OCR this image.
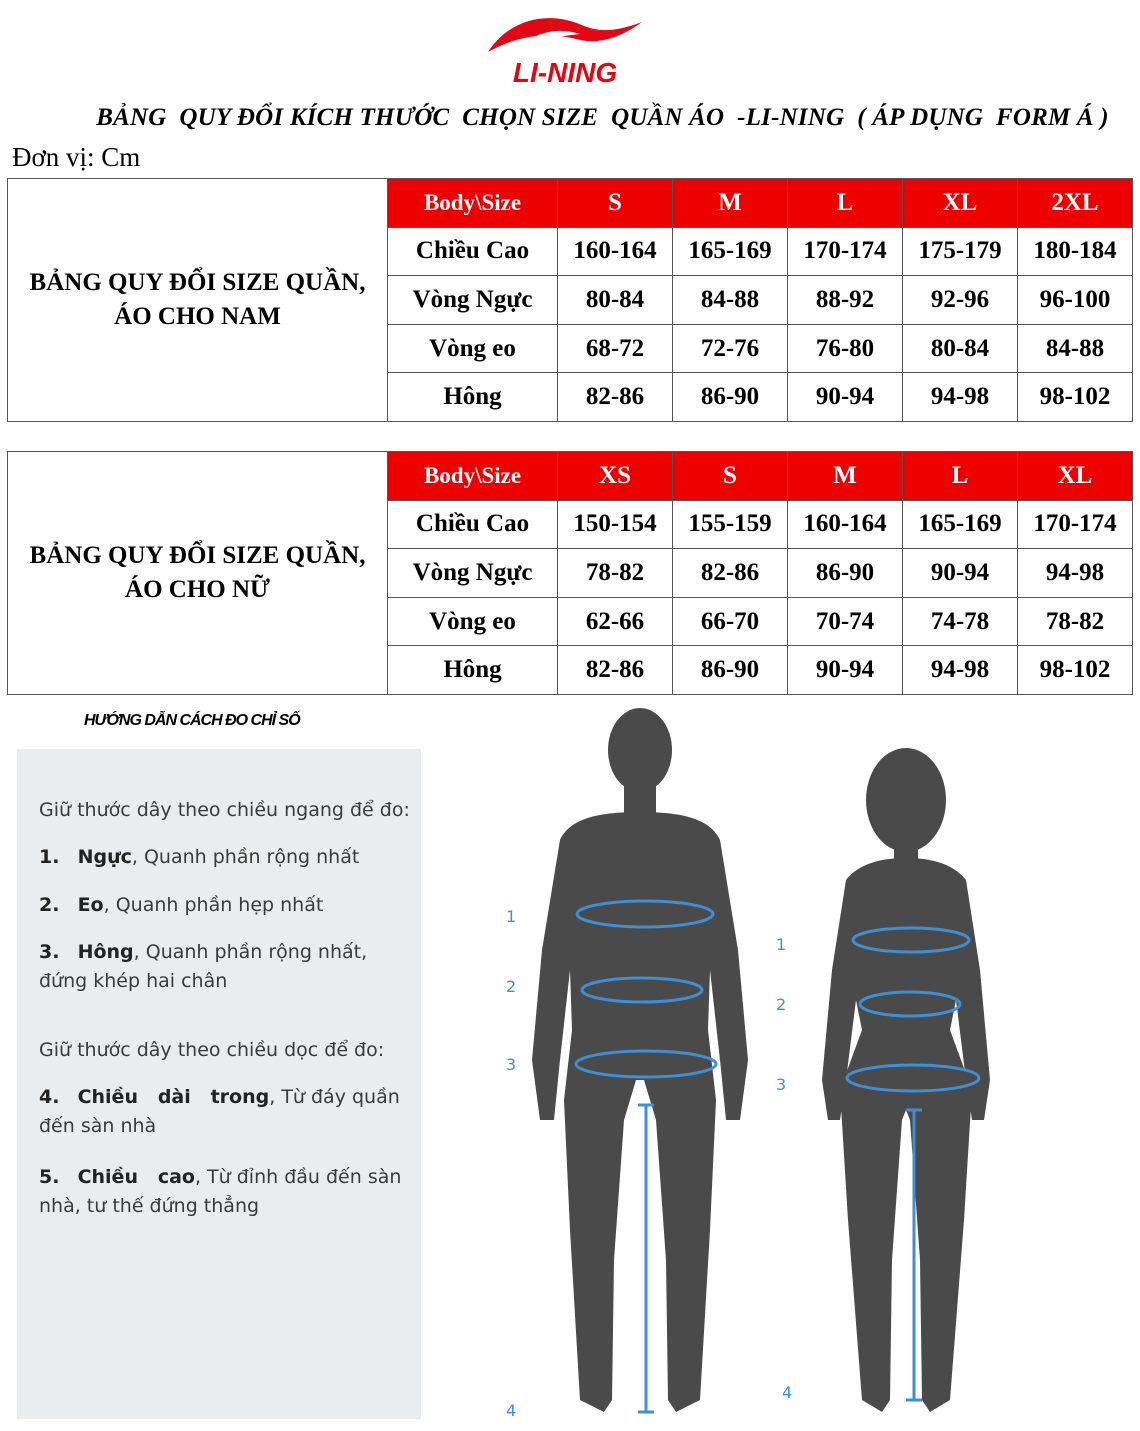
LI-NING
BẢNG  QUY ĐỔI KÍCH THƯỚC  CHỌN SIZE  QUẦN ÁO  -LI-NING  ( ÁP DỤNG  FORM Á )
Đơn vị: Cm
BẢNG QUY ĐỔI SIZE QUẦN, ÁO CHO NAM	Body\Size	S	M	L	XL	2XL
	Chiều Cao	160-164	165-169	170-174	175-179	180-184
	Vòng Ngực	80-84	84-88	88-92	92-96	96-100
	Vòng eo	68-72	72-76	76-80	80-84	84-88
	Hông	82-86	86-90	90-94	94-98	98-102
BẢNG QUY ĐỔI SIZE QUẦN, ÁO CHO NỮ	Body\Size	XS	S	M	L	XL
	Chiều Cao	150-154	155-159	160-164	165-169	170-174
	Vòng Ngực	78-82	82-86	86-90	90-94	94-98
	Vòng eo	62-66	66-70	70-74	74-78	78-82
	Hông	82-86	86-90	90-94	94-98	98-102
HƯỚNG DẪN CÁCH ĐO CHỈ SỐ
Giữ thước dây theo chiều ngang để đo:
1. Ngực, Quanh phần rộng nhất
2. Eo, Quanh phần hẹp nhất
3. Hông, Quanh phần rộng nhất,
đứng khép hai chân
Giữ thước dây theo chiều dọc để đo:
4. Chiều   dài   trong, Từ đáy quần
đến sàn nhà
5. Chiều   cao, Từ đỉnh đầu đến sàn
nhà, tư thế đứng thẳng
1
2
3
4
1
2
3
4
